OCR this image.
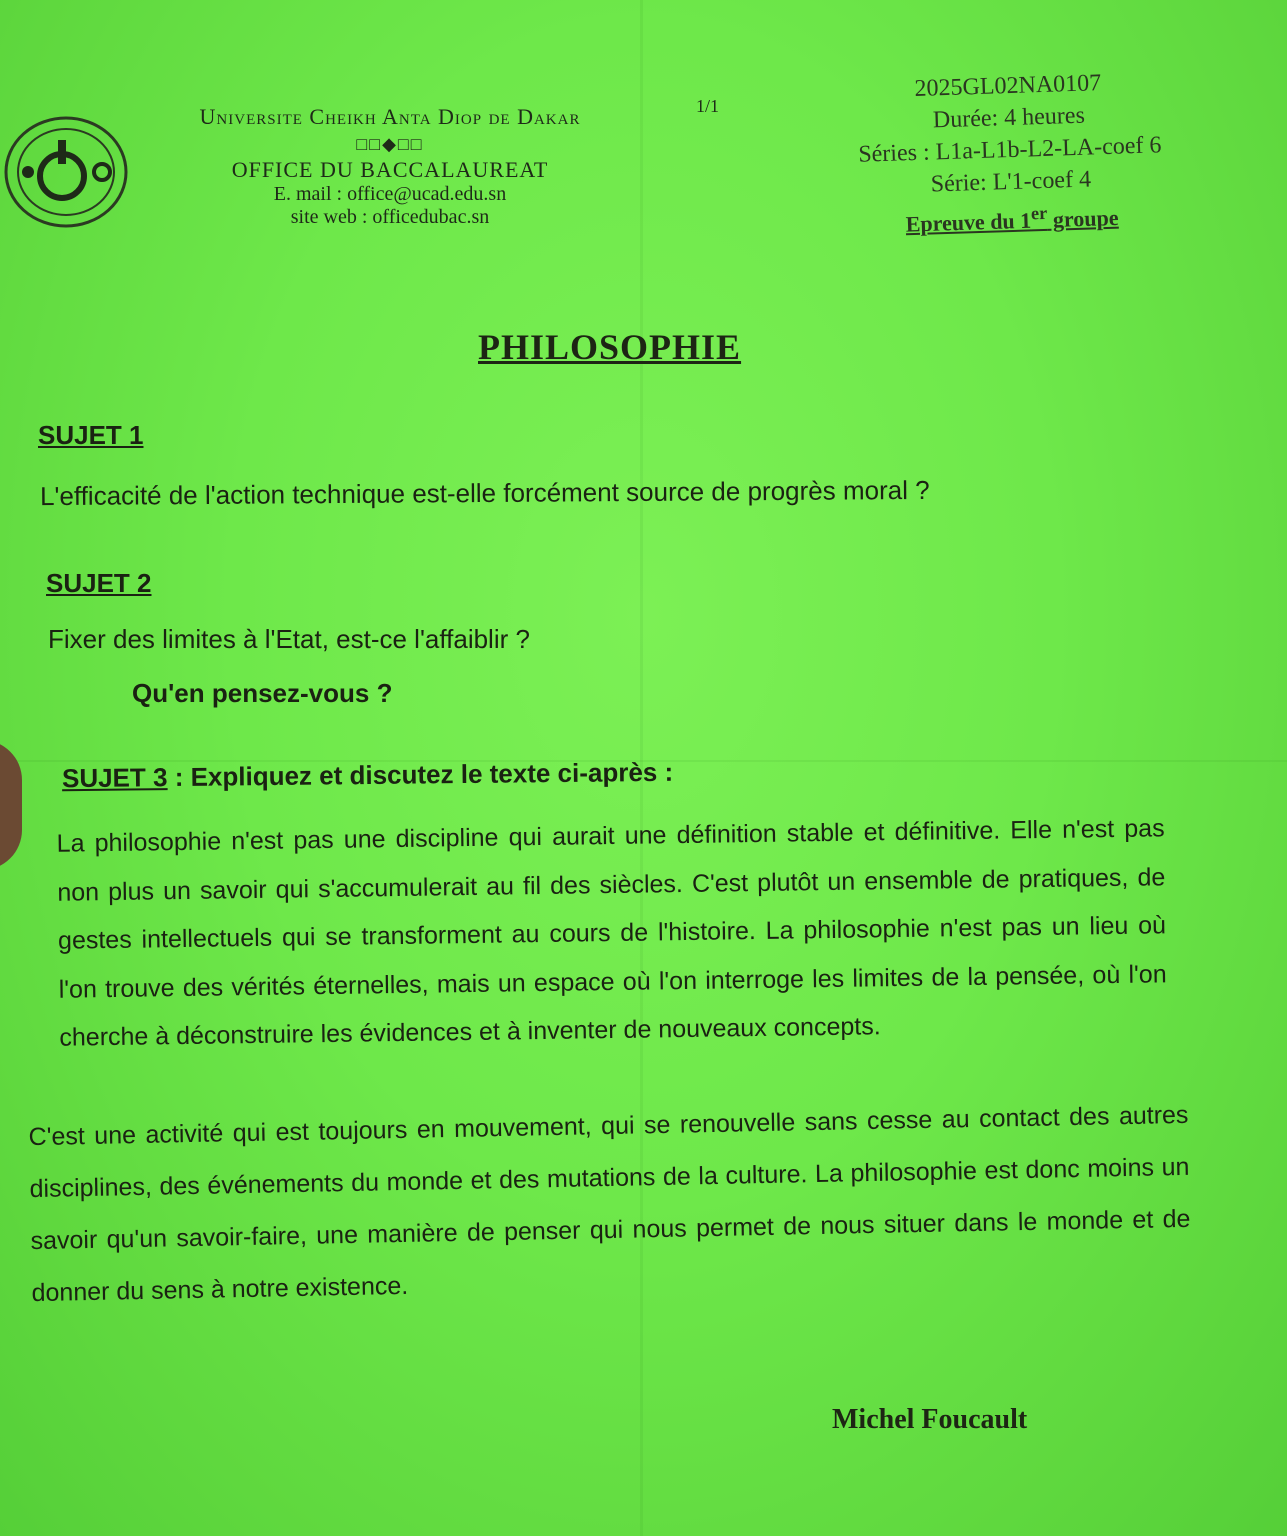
Universite Cheikh Anta Diop de Dakar
□□◆□□
OFFICE DU BACCALAUREAT
E. mail : office@ucad.edu.sn
site web : officedubac.sn
1/1
2025GL02NA0107
Durée: 4 heures
Séries : L1a-L1b-L2-LA-coef 6
Série: L'1-coef 4
Epreuve du 1er groupe
PHILOSOPHIE
SUJET 1
L'efficacité de l'action technique est-elle forcément source de progrès moral ?
SUJET 2
Fixer des limites à l'Etat, est-ce l'affaiblir ?
Qu'en pensez-vous ?
SUJET 3 : Expliquez et discutez le texte ci-après :

La philosophie n'est pas une discipline qui aurait une définition stable et définitive. Elle n'est pas non plus un savoir qui s'accumulerait au fil des siècles. C'est plutôt un ensemble de pratiques, de gestes intellectuels qui se transforment au cours de l'histoire. La philosophie n'est pas un lieu où l'on trouve des vérités éternelles, mais un espace où l'on interroge les limites de la pensée, où l'on cherche à déconstruire les évidences et à inventer de nouveaux concepts.

C'est une activité qui est toujours en mouvement, qui se renouvelle sans cesse au contact des autres disciplines, des événements du monde et des mutations de la culture. La philosophie est donc moins un savoir qu'un savoir-faire, une manière de penser qui nous permet de nous situer dans le monde et de donner du sens à notre existence.

Michel Foucault
